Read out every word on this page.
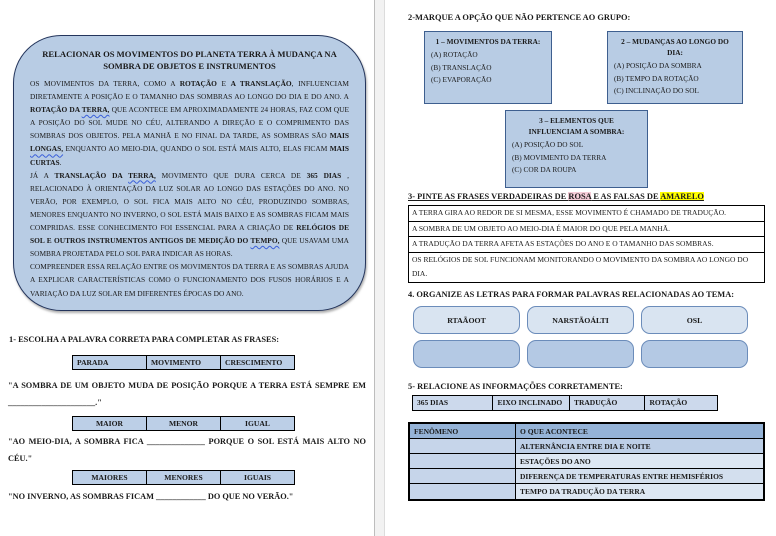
RELACIONAR OS MOVIMENTOS DO PLANETA TERRA À MUDANÇA NA SOMBRA DE OBJETOS E INSTRUMENTOS

OS MOVIMENTOS DA TERRA, COMO A ROTAÇÃO E A TRANSLAÇÃO, INFLUENCIAM DIRETAMENTE A POSIÇÃO E O TAMANHO DAS SOMBRAS AO LONGO DO DIA E DO ANO. A ROTAÇÃO DA TERRA, QUE ACONTECE EM APROXIMADAMENTE 24 HORAS, FAZ COM QUE A POSIÇÃO DO SOL MUDE NO CÉU, ALTERANDO A DIREÇÃO E O COMPRIMENTO DAS SOMBRAS DOS OBJETOS. PELA MANHÃ E NO FINAL DA TARDE, AS SOMBRAS SÃO MAIS LONGAS, ENQUANTO AO MEIO-DIA, QUANDO O SOL ESTÁ MAIS ALTO, ELAS FICAM MAIS CURTAS.

JÁ A TRANSLAÇÃO DA TERRA, MOVIMENTO QUE DURA CERCA DE 365 DIAS , RELACIONADO À ORIENTAÇÃO DA LUZ SOLAR AO LONGO DAS ESTAÇÕES DO ANO. NO VERÃO, POR EXEMPLO, O SOL FICA MAIS ALTO NO CÉU, PRODUZINDO SOMBRAS, MENORES ENQUANTO NO INVERNO, O SOL ESTÁ MAIS BAIXO E AS SOMBRAS FICAM MAIS COMPRIDAS. ESSE CONHECIMENTO FOI ESSENCIAL PARA A CRIAÇÃO DE RELÓGIOS DE SOL E OUTROS INSTRUMENTOS ANTIGOS DE MEDIÇÃO DO TEMPO, QUE USAVAM UMA SOMBRA PROJETADA PELO SOL PARA INDICAR AS HORAS.

COMPREENDER ESSA RELAÇÃO ENTRE OS MOVIMENTOS DA TERRA E AS SOMBRAS AJUDA A EXPLICAR CARACTERÍSTICAS COMO O FUNCIONAMENTO DOS FUSOS HORÁRIOS E A VARIAÇÃO DA LUZ SOLAR EM DIFERENTES ÉPOCAS DO ANO.

1- ESCOLHA A PALAVRA CORRETA PARA COMPLETAR AS FRASES:
PARADA	MOVIMENTO	CRESCIMENTO
"A SOMBRA DE UM OBJETO MUDA DE POSIÇÃO PORQUE A TERRA ESTÁ SEMPRE EM _____________________."
MAIOR	MENOR	IGUAL
"AO MEIO-DIA, A SOMBRA FICA ______________ PORQUE O SOL ESTÁ MAIS ALTO NO CÉU."
MAIORES	MENORES	IGUAIS
"NO INVERNO, AS SOMBRAS FICAM ____________ DO QUE NO VERÃO."
2-MARQUE A OPÇÃO QUE NÃO PERTENCE AO GRUPO:
1 – MOVIMENTOS DA TERRA:
(A) ROTAÇÃO
(B) TRANSLAÇÃO
(C) EVAPORAÇÃO
2 – MUDANÇAS AO LONGO DO DIA:
(A) POSIÇÃO DA SOMBRA
(B) TEMPO DA ROTAÇÃO
(C) INCLINAÇÃO DO SOL
3 – ELEMENTOS QUE INFLUENCIAM A SOMBRA:
(A) POSIÇÃO DO SOL
(B) MOVIMENTO DA TERRA
(C) COR DA ROUPA
3- PINTE AS FRASES VERDADEIRAS DE ROSA E AS FALSAS DE AMARELO
A TERRA GIRA AO REDOR DE SI MESMA, ESSE MOVIMENTO É CHAMADO DE TRADUÇÃO.
A SOMBRA DE UM OBJETO AO MEIO-DIA É MAIOR DO QUE PELA MANHÃ.
A TRADUÇÃO DA TERRA AFETA AS ESTAÇÕES DO ANO E O TAMANHO DAS SOMBRAS.
OS RELÓGIOS DE SOL FUNCIONAM MONITORANDO O MOVIMENTO DA SOMBRA AO LONGO DO DIA.
4. ORGANIZE AS LETRAS PARA FORMAR PALAVRAS RELACIONADAS AO TEMA:
RTAÃOOT	NARSTÃOÁLTI	OSL
5- RELACIONE AS INFORMAÇÕES CORRETAMENTE:
365 DIAS	EIXO INCLINADO	TRADUÇÃO	ROTAÇÃO
FENÔMENO	O QUE ACONTECE
ALTERNÂNCIA ENTRE DIA E NOITE
ESTAÇÕES DO ANO
DIFERENÇA DE TEMPERATURAS ENTRE HEMISFÉRIOS
TEMPO DA TRADUÇÃO DA TERRA
